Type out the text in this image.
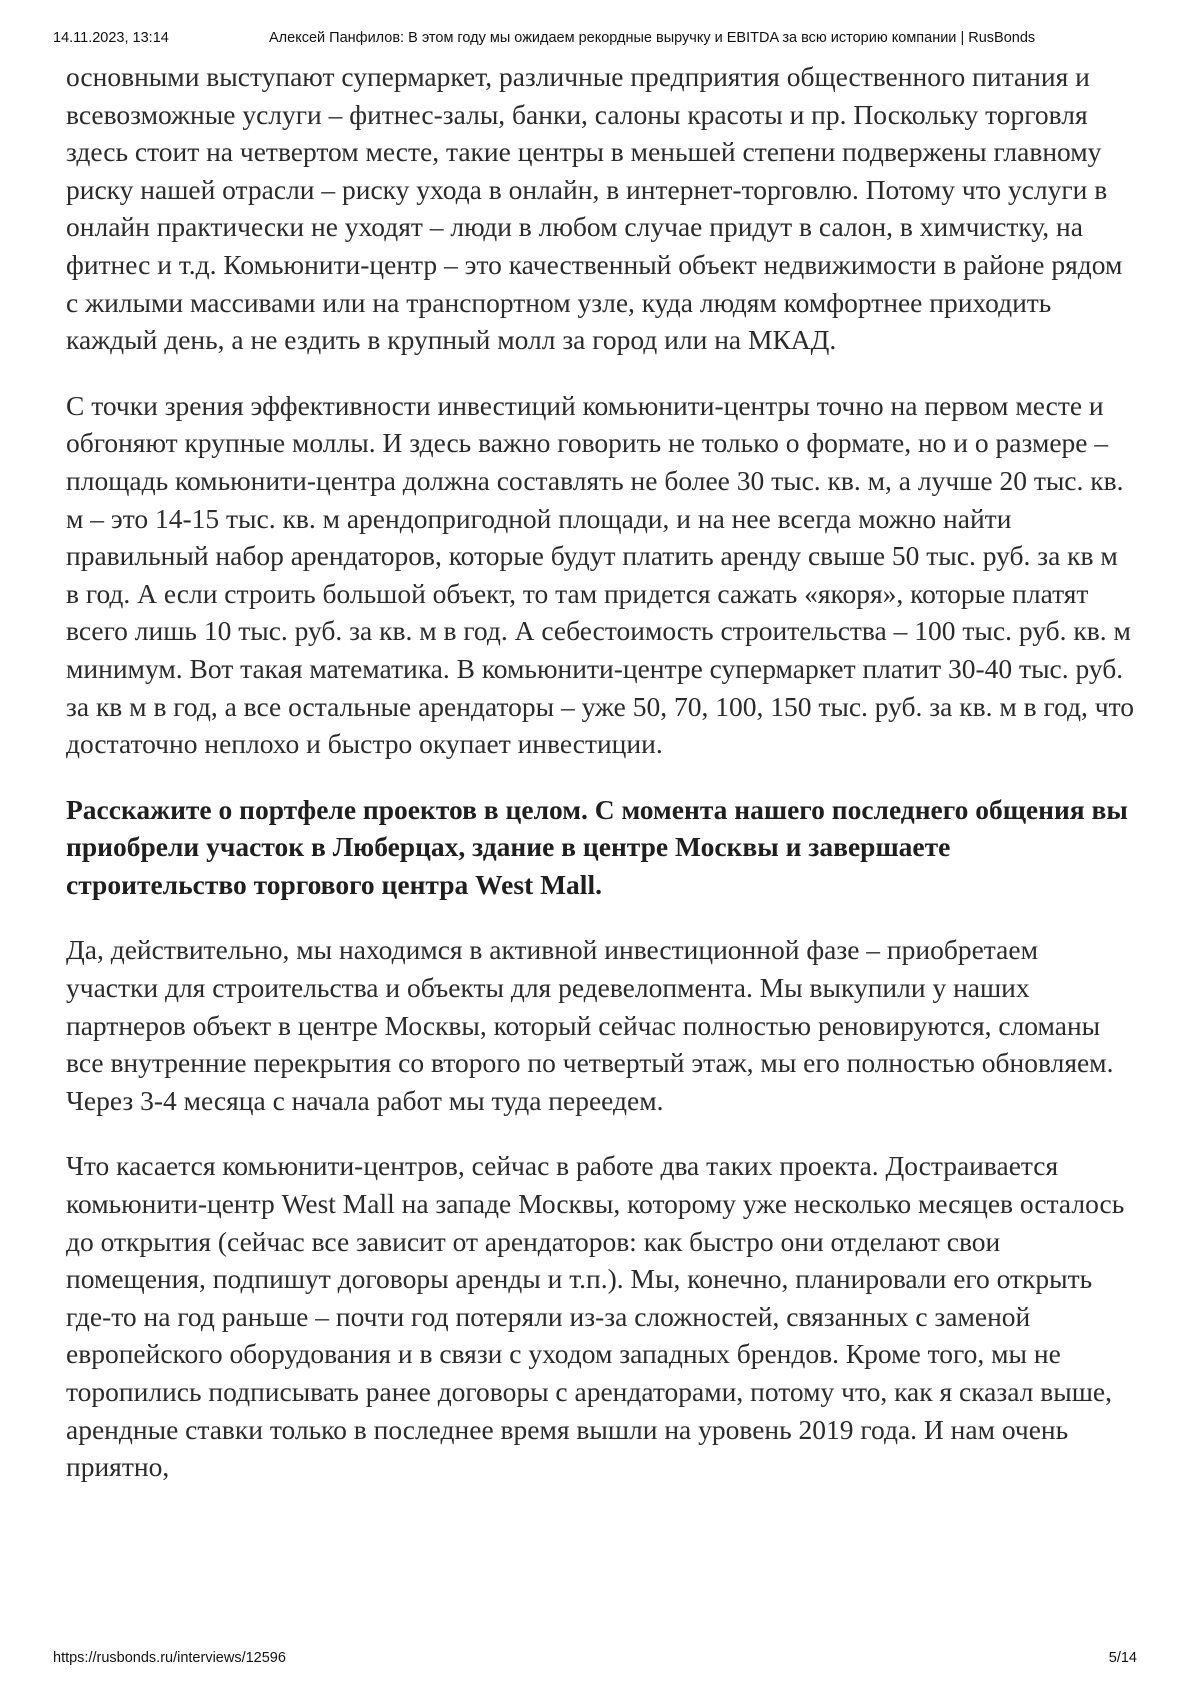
14.11.2023, 13:14	Алексей Панфилов: В этом году мы ожидаем рекордные выручку и EBITDA за всю историю компании | RusBonds

основными выступают супермаркет, различные предприятия общественного питания и всевозможные услуги – фитнес-залы, банки, салоны красоты и пр. Поскольку торговля здесь стоит на четвертом месте, такие центры в меньшей степени подвержены главному риску нашей отрасли – риску ухода в онлайн, в интернет-торговлю. Потому что услуги в онлайн практически не уходят – люди в любом случае придут в салон, в химчистку, на фитнес и т.д. Комьюнити-центр – это качественный объект недвижимости в районе рядом с жилыми массивами или на транспортном узле, куда людям комфортнее приходить каждый день, а не ездить в крупный молл за город или на МКАД.

С точки зрения эффективности инвестиций комьюнити-центры точно на первом месте и обгоняют крупные моллы. И здесь важно говорить не только о формате, но и о размере – площадь комьюнити-центра должна составлять не более 30 тыс. кв. м, а лучше 20 тыс. кв. м – это 14-15 тыс. кв. м арендопригодной площади, и на нее всегда можно найти правильный набор арендаторов, которые будут платить аренду свыше 50 тыс. руб. за кв м в год. А если строить большой объект, то там придется сажать «якоря», которые платят всего лишь 10 тыс. руб. за кв. м в год. А себестоимость строительства – 100 тыс. руб. кв. м минимум. Вот такая математика. В комьюнити-центре супермаркет платит 30-40 тыс. руб. за кв м в год, а все остальные арендаторы – уже 50, 70, 100, 150 тыс. руб. за кв. м в год, что достаточно неплохо и быстро окупает инвестиции.

Расскажите о портфеле проектов в целом. С момента нашего последнего общения вы приобрели участок в Люберцах, здание в центре Москвы и завершаете строительство торгового центра West Mall.

Да, действительно, мы находимся в активной инвестиционной фазе – приобретаем участки для строительства и объекты для редевелопмента. Мы выкупили у наших партнеров объект в центре Москвы, который сейчас полностью реновируются, сломаны все внутренние перекрытия со второго по четвертый этаж, мы его полностью обновляем. Через 3-4 месяца с начала работ мы туда переедем.

Что касается комьюнити-центров, сейчас в работе два таких проекта. Достраивается комьюнити-центр West Mall на западе Москвы, которому уже несколько месяцев осталось до открытия (сейчас все зависит от арендаторов: как быстро они отделают свои помещения, подпишут договоры аренды и т.п.). Мы, конечно, планировали его открыть где-то на год раньше – почти год потеряли из-за сложностей, связанных с заменой европейского оборудования и в связи с уходом западных брендов. Кроме того, мы не торопились подписывать ранее договоры с арендаторами, потому что, как я сказал выше, арендные ставки только в последнее время вышли на уровень 2019 года. И нам очень приятно,

https://rusbonds.ru/interviews/12596	5/14
